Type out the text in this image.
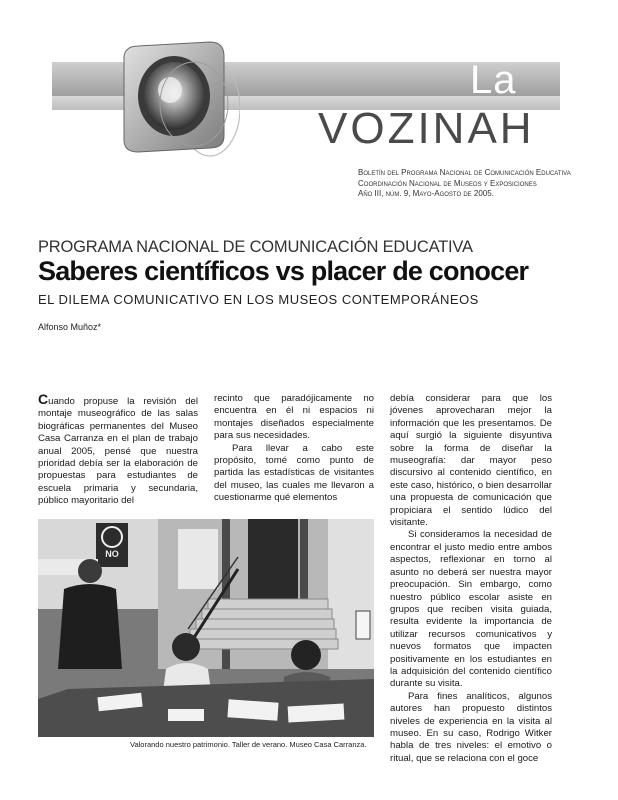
La
VOZINAH
Boletín del Programa Nacional de Comunicación Educativa
Coordinación Nacional de Museos y Exposiciones
Año III, núm. 9, Mayo-Agosto de 2005.
PROGRAMA NACIONAL DE COMUNICACIÓN EDUCATIVA
Saberes científicos vs placer de conocer
EL DILEMA COMUNICATIVO EN LOS MUSEOS CONTEMPORÁNEOS
Alfonso Muñoz*

Cuando propuse la revisión del montaje museográfico de las salas biográficas permanentes del Museo Casa Carranza en el plan de trabajo anual 2005, pensé que nuestra prioridad debía ser la elaboración de propuestas para estudiantes de escuela primaria y secundaria, público mayoritario del

recinto que paradójicamente no encuentra en él ni espacios ni montajes diseñados especialmente para sus necesidades.

Para llevar a cabo este propósito, tomé como punto de partida las estadísticas de visitantes del museo, las cuales me llevaron a cuestionarme qué elementos

debía considerar para que los jóvenes aprovecharan mejor la información que les presentamos. De aquí surgió la siguiente disyuntiva sobre la forma de diseñar la museografía: dar mayor peso discursivo al contenido científico, en este caso, histórico, o bien desarrollar una propuesta de comunicación que propiciara el sentido lúdico del visitante.

Si consideramos la necesidad de encontrar el justo medio entre ambos aspectos, reflexionar en torno al asunto no deberá ser nuestra mayor preocupación. Sin embargo, como nuestro público escolar asiste en grupos que reciben visita guiada, resulta evidente la importancia de utilizar recursos comunicativos y nuevos formatos que impacten positivamente en los estudiantes en la adquisición del contenido científico durante su visita.

Para fines analíticos, algunos autores han propuesto distintos niveles de experiencia en la visita al museo. En su caso, Rodrigo Witker habla de tres niveles: el emotivo o ritual, que se relaciona con el goce

NO
Valorando nuestro patrimonio. Taller de verano. Museo Casa Carranza.
